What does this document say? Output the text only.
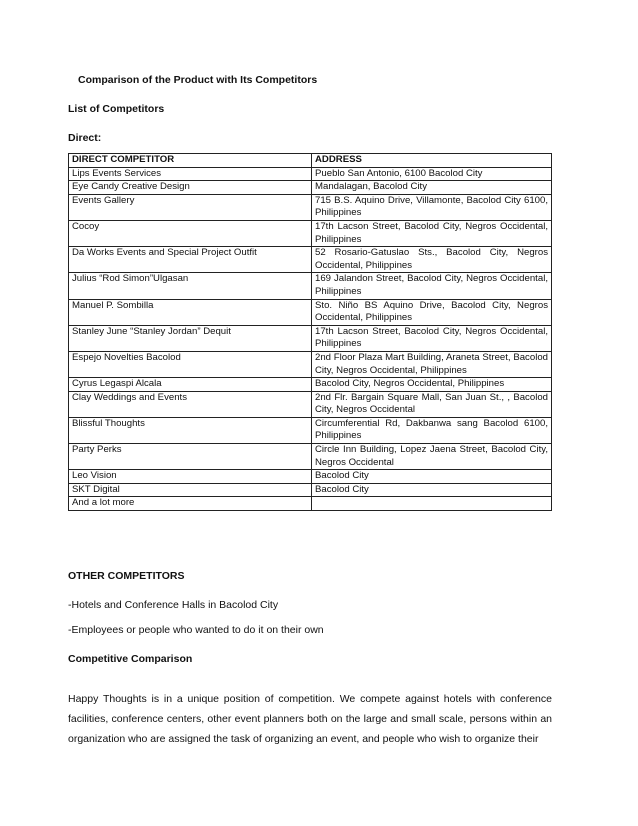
Comparison of the Product with Its Competitors
List of Competitors
Direct:
DIRECT COMPETITOR	ADDRESS
Lips Events Services	Pueblo San Antonio, 6100 Bacolod City
Eye Candy Creative Design	Mandalagan, Bacolod City
Events Gallery	715 B.S. Aquino Drive, Villamonte, Bacolod City 6100, Philippines
Cocoy	17th Lacson Street, Bacolod City, Negros Occidental, Philippines
Da Works Events and Special Project Outfit	52 Rosario-Gatuslao Sts., Bacolod City, Negros Occidental, Philippines
Julius “Rod Simon”Ulgasan	169 Jalandon Street, Bacolod City, Negros Occidental, Philippines
Manuel P. Sombilla	Sto. Niño BS Aquino Drive, Bacolod City, Negros Occidental, Philippines
Stanley June “Stanley Jordan” Dequit	17th Lacson Street, Bacolod City, Negros Occidental, Philippines
Espejo Novelties Bacolod	2nd Floor Plaza Mart Building, Araneta Street, Bacolod City, Negros Occidental, Philippines
Cyrus Legaspi Alcala	Bacolod City, Negros Occidental, Philippines
Clay Weddings and Events	2nd Flr. Bargain Square Mall, San Juan St., , Bacolod City, Negros Occidental
Blissful Thoughts	Circumferential Rd, Dakbanwa sang Bacolod 6100, Philippines
Party Perks	Circle Inn Building, Lopez Jaena Street, Bacolod City, Negros Occidental
Leo Vision	Bacolod City
SKT Digital	Bacolod City
And a lot more	
OTHER COMPETITORS
-Hotels and Conference Halls in Bacolod City
-Employees or people who wanted to do it on their own
Competitive Comparison
Happy Thoughts is in a unique position of competition. We compete against hotels with conference facilities, conference centers, other event planners both on the large and small scale, persons within an organization who are assigned the task of organizing an event, and people who wish to organize their
